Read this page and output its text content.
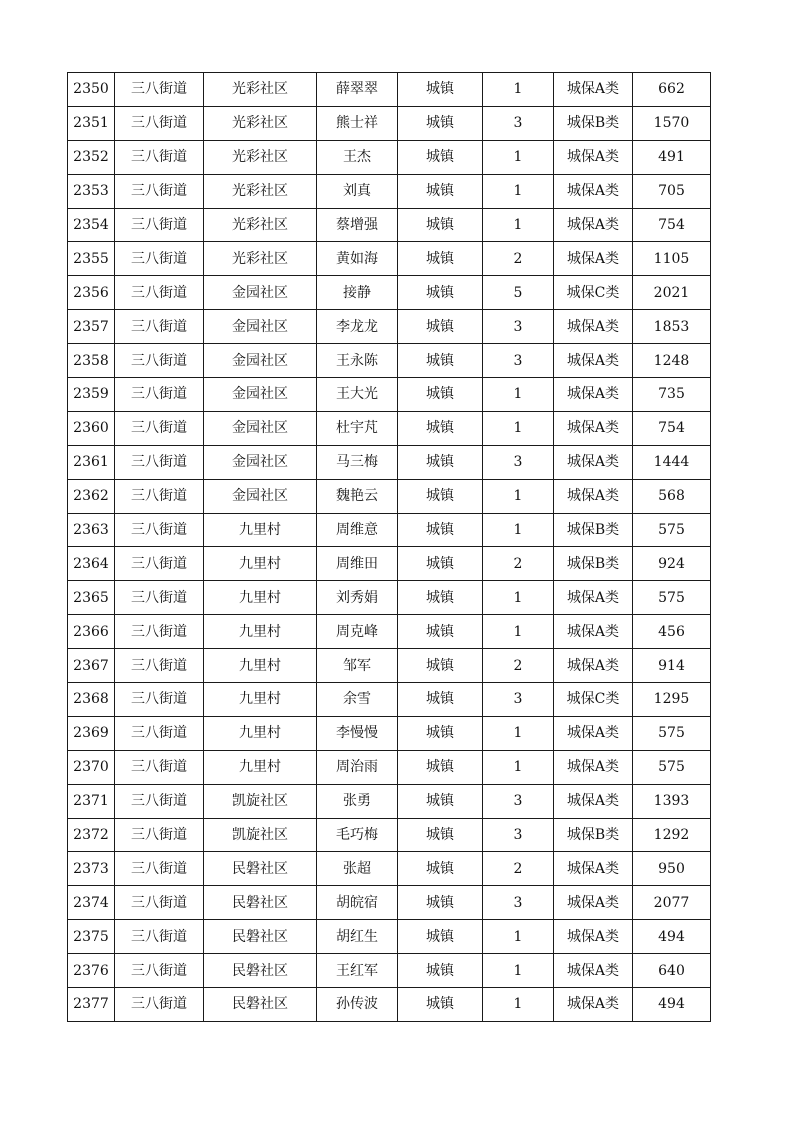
2350	三八街道	光彩社区	薛翠翠	城镇	1	城保A类	662
2351	三八街道	光彩社区	熊士祥	城镇	3	城保B类	1570
2352	三八街道	光彩社区	王杰	城镇	1	城保A类	491
2353	三八街道	光彩社区	刘真	城镇	1	城保A类	705
2354	三八街道	光彩社区	蔡增强	城镇	1	城保A类	754
2355	三八街道	光彩社区	黄如海	城镇	2	城保A类	1105
2356	三八街道	金园社区	接静	城镇	5	城保C类	2021
2357	三八街道	金园社区	李龙龙	城镇	3	城保A类	1853
2358	三八街道	金园社区	王永陈	城镇	3	城保A类	1248
2359	三八街道	金园社区	王大光	城镇	1	城保A类	735
2360	三八街道	金园社区	杜宇芃	城镇	1	城保A类	754
2361	三八街道	金园社区	马三梅	城镇	3	城保A类	1444
2362	三八街道	金园社区	魏艳云	城镇	1	城保A类	568
2363	三八街道	九里村	周维意	城镇	1	城保B类	575
2364	三八街道	九里村	周维田	城镇	2	城保B类	924
2365	三八街道	九里村	刘秀娟	城镇	1	城保A类	575
2366	三八街道	九里村	周克峰	城镇	1	城保A类	456
2367	三八街道	九里村	邹军	城镇	2	城保A类	914
2368	三八街道	九里村	余雪	城镇	3	城保C类	1295
2369	三八街道	九里村	李慢慢	城镇	1	城保A类	575
2370	三八街道	九里村	周治雨	城镇	1	城保A类	575
2371	三八街道	凯旋社区	张勇	城镇	3	城保A类	1393
2372	三八街道	凯旋社区	毛巧梅	城镇	3	城保B类	1292
2373	三八街道	民磐社区	张超	城镇	2	城保A类	950
2374	三八街道	民磐社区	胡皖宿	城镇	3	城保A类	2077
2375	三八街道	民磐社区	胡红生	城镇	1	城保A类	494
2376	三八街道	民磐社区	王红军	城镇	1	城保A类	640
2377	三八街道	民磐社区	孙传波	城镇	1	城保A类	494
